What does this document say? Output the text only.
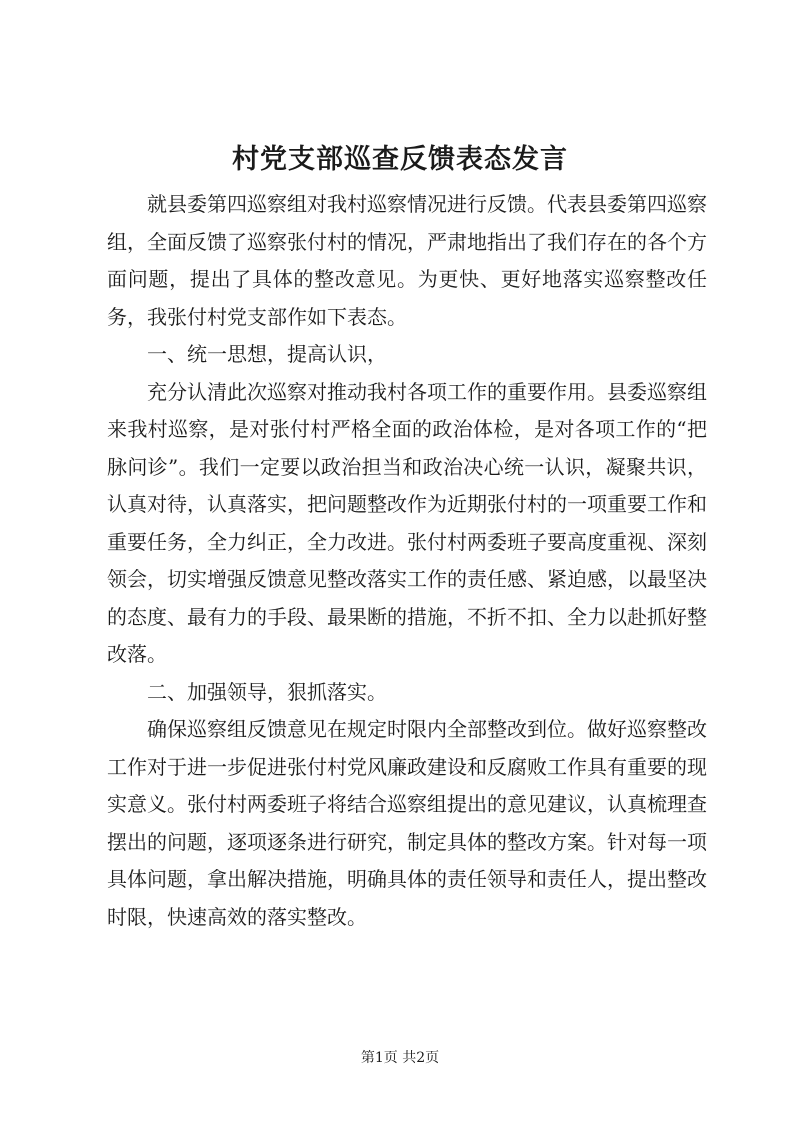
村党支部巡查反馈表态发言

就县委第四巡察组对我村巡察情况进行反馈。代表县委第四巡察组，全面反馈了巡察张付村的情况，严肃地指出了我们存在的各个方面问题，提出了具体的整改意见。为更快、更好地落实巡察整改任务，我张付村党支部作如下表态。

一、统一思想，提高认识，

充分认清此次巡察对推动我村各项工作的重要作用。县委巡察组来我村巡察，是对张付村严格全面的政治体检，是对各项工作的“把脉问诊”。我们一定要以政治担当和政治决心统一认识，凝聚共识，认真对待，认真落实，把问题整改作为近期张付村的一项重要工作和重要任务，全力纠正，全力改进。张付村两委班子要高度重视、深刻领会，切实增强反馈意见整改落实工作的责任感、紧迫感，以最坚决的态度、最有力的手段、最果断的措施，不折不扣、全力以赴抓好整改落。

二、加强领导，狠抓落实。

确保巡察组反馈意见在规定时限内全部整改到位。做好巡察整改工作对于进一步促进张付村党风廉政建设和反腐败工作具有重要的现实意义。张付村两委班子将结合巡察组提出的意见建议，认真梳理查摆出的问题，逐项逐条进行研究，制定具体的整改方案。针对每一项具体问题，拿出解决措施，明确具体的责任领导和责任人，提出整改时限，快速高效的落实整改。

第1页 共2页
